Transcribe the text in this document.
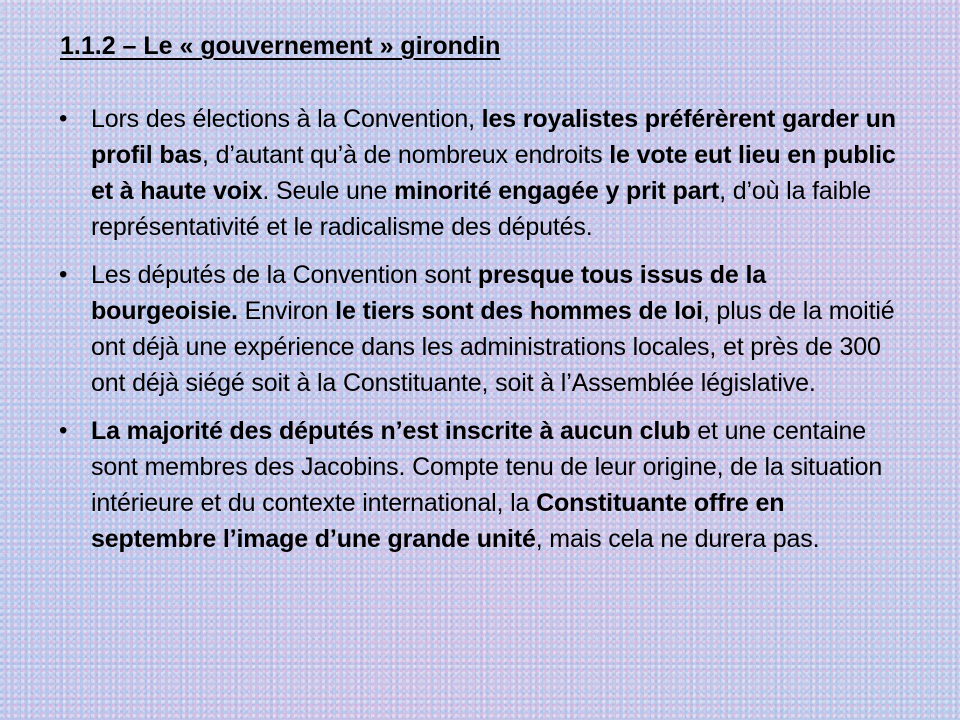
1.1.2 – Le « gouvernement » girondin
• Lors des élections à la Convention, les royalistes préférèrent garder un profil bas, d’autant qu’à de nombreux endroits le vote eut lieu en public et à haute voix. Seule une minorité engagée y prit part, d’où la faible représentativité et le radicalisme des députés.
• Les députés de la Convention sont presque tous issus de la bourgeoisie. Environ le tiers sont des hommes de loi, plus de la moitié ont déjà une expérience dans les administrations locales, et près de 300 ont déjà siégé soit à la Constituante, soit à l’Assemblée législative.
• La majorité des députés n’est inscrite à aucun club et une centaine sont membres des Jacobins. Compte tenu de leur origine, de la situation intérieure et du contexte international, la Constituante offre en septembre l’image d’une grande unité, mais cela ne durera pas.
